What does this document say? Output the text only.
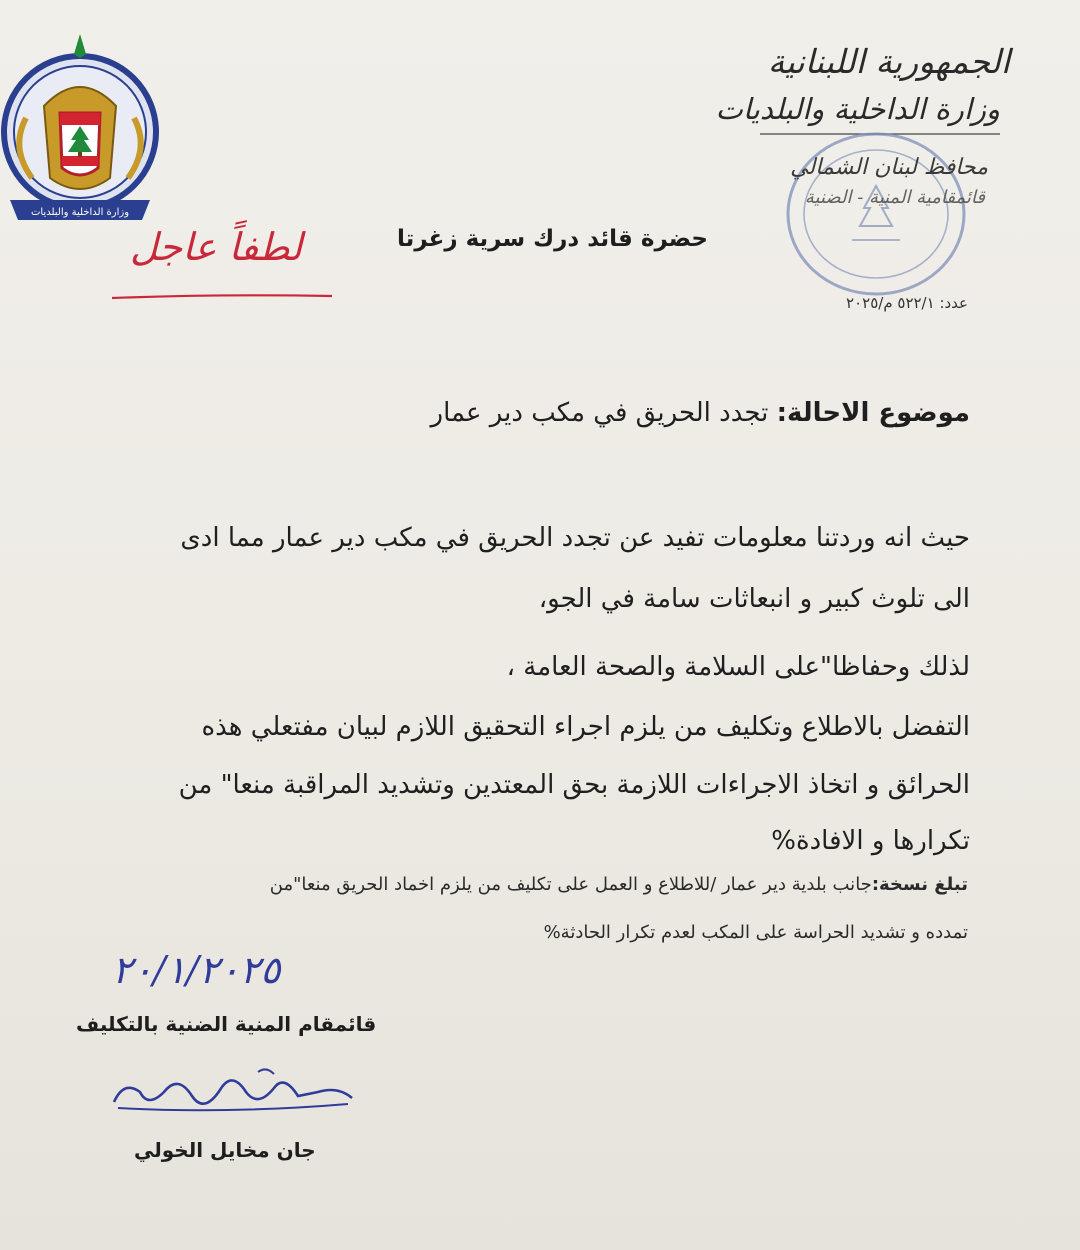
وزارة الداخلية والبلديات
الجمهورية اللبنانية
وزارة الداخلية والبلديات
محافظ لبنان الشمالي
قائمقامية المنية - الضنية
عدد: ٥٢٢/١ م/٢٠٢٥
حضرة قائد درك سرية زغرتا
لطفاً عاجل
موضوع الاحالة: تجدد الحريق في مكب دير عمار
حيث انه وردتنا معلومات تفيد عن تجدد الحريق في مكب دير عمار مما ادى
الى تلوث كبير و انبعاثات سامة في الجو،
لذلك وحفاظا"على السلامة والصحة العامة ،
التفضل بالاطلاع وتكليف من يلزم اجراء التحقيق اللازم لبيان مفتعلي هذه
الحرائق و اتخاذ الاجراءات اللازمة بحق المعتدين وتشديد المراقبة منعا" من
تكرارها و الافادة%
تبلغ نسخة:جانب بلدية دير عمار /للاطلاع و العمل على تكليف من يلزم اخماد الحريق منعا"من
تمدده و تشديد الحراسة على المكب لعدم تكرار الحادثة%
٢٠/١/٢٠٢٥
قائمقام المنية الضنية بالتكليف
جان مخايل الخولي
